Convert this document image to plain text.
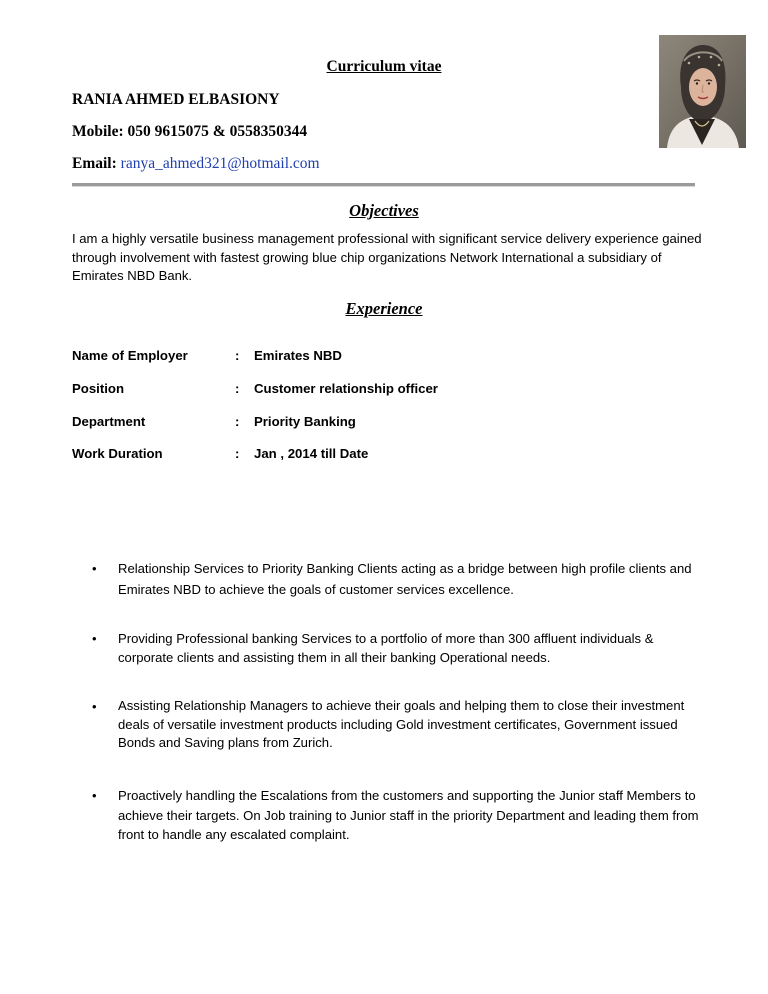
Curriculum vitae
RANIA AHMED ELBASIONY
Mobile: 050 9615075 & 0558350344
Email: ranya_ahmed321@hotmail.com
Objectives
I am a highly versatile business management professional with significant service delivery experience gained through involvement with fastest growing blue chip organizations Network International a subsidiary of Emirates NBD Bank.
Experience
Name of Employer	: Emirates NBD
Position	: Customer relationship officer
Department	: Priority Banking
Work Duration	: Jan , 2014 till Date
• Relationship Services to Priority Banking Clients acting as a bridge between high profile clients and Emirates NBD to achieve the goals of customer services excellence.
• Providing Professional banking Services to a portfolio of more than 300 affluent individuals & corporate clients and assisting them in all their banking Operational needs.
• Assisting Relationship Managers to achieve their goals and helping them to close their investment deals of versatile investment products including Gold investment certificates, Government issued Bonds and Saving plans from Zurich.
• Proactively handling the Escalations from the customers and supporting the Junior staff Members to achieve their targets. On Job training to Junior staff in the priority Department and leading them from front to handle any escalated complaint.
